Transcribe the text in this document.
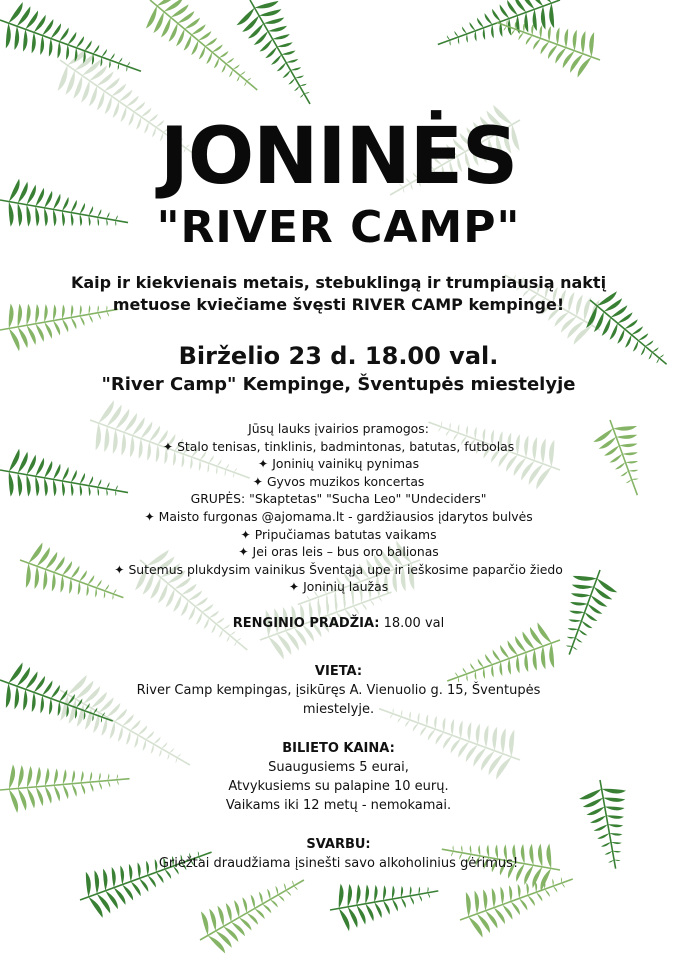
JONINĖS
"RIVER CAMP"
Kaip ir kiekvienais metais, stebuklingą ir trumpiausią naktį
metuose kviečiame švęsti RIVER CAMP kempinge!
Birželio 23 d. 18.00 val.
"River Camp" Kempinge, Šventupės miestelyje
Jūsų lauks įvairios pramogos:
✦ Stalo tenisas, tinklinis, badmintonas, batutas, futbolas
✦ Joninių vainikų pynimas
✦ Gyvos muzikos koncertas
GRUPĖS: "Skaptetas" "Sucha Leo" "Undeciders"
✦ Maisto furgonas @ajomama.lt - gardžiausios įdarytos bulvės
✦ Pripučiamas batutas vaikams
✦ Jei oras leis – bus oro balionas
✦ Sutemus plukdysim vainikus Šventąja upe ir ieškosime paparčio žiedo
✦ Joninių laužas
RENGINIO PRADŽIA: 18.00 val
VIETA:
River Camp kempingas, įsikūręs A. Vienuolio g. 15, Šventupės
miestelyje.
BILIETO KAINA:
Suaugusiems 5 eurai,
Atvykusiems su palapine 10 eurų.
Vaikams iki 12 metų - nemokamai.
SVARBU:
Griežtai draudžiama įsinešti savo alkoholinius gėrimus!
